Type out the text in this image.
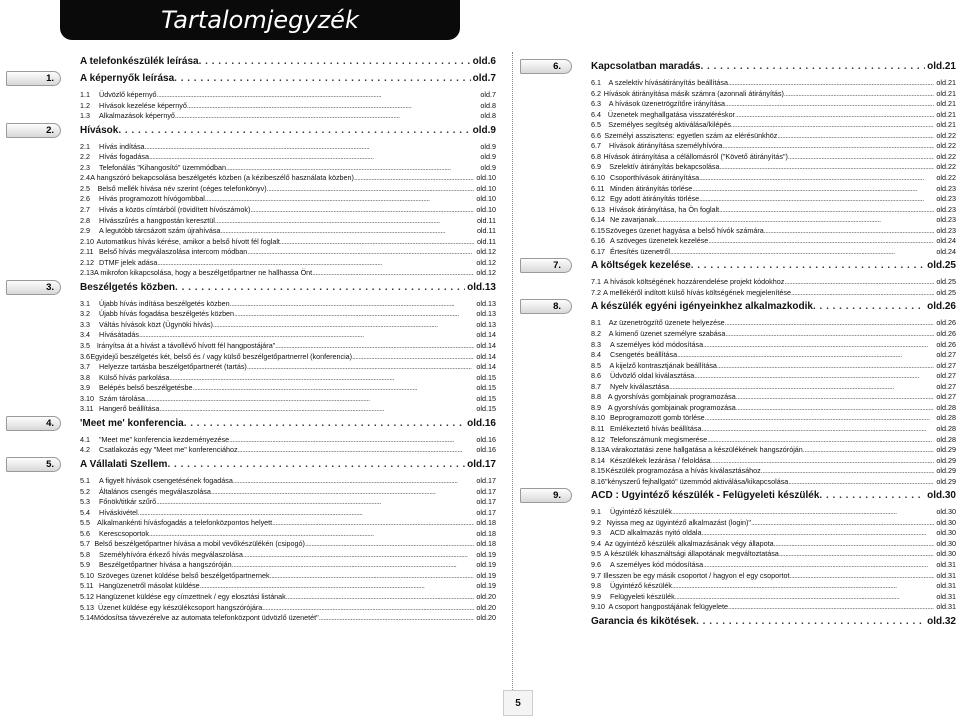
Tartalomjegyzék
1.
2.
3.
4.
5.
6.
7.
8.
9.
A telefonkészülék leírása . . .	old.6
A képernyők leírása . . .	old.7
1.1	Üdvözlő képernyő . . .	old.7
1.2	Hívások kezelése képernyő . . .	old.8
1.3	Alkalmazások képernyő . . .	old.8
Hívások . . .	old.9
2.1	Hívás indítása . . .	old.9
2.2	Hívás fogadása . . .	old.9
2.3	Telefonálás "Kihangosító" üzemmódban . . .	old.9
2.4 A hangszóró bekapcsolása beszélgetés közben (a kézibeszélő használata közben) . . .	old.10
2.5	Belső mellék hívása név szerint (céges telefonkönyv) . . .	old.10
2.6	Hívás programozott hívógombbal . . .	old.10
2.7	Hívás a közös címtárból (rövidített hívószámok) . . .	old.10
2.8	Hívásszűrés a hangpostán keresztül . . .	old.11
2.9	A legutóbb tárcsázott szám újrahívása . . .	old.11
2.10 Automatikus hívás kérése, amikor a belső hívott fél foglalt . . .	old.11
2.11 Belső hívás megválaszolása intercom módban . . .	old.12
2.12 DTMF jelek adása . . .	old.12
2.13 A mikrofon kikapcsolása, hogy a beszélgetőpartner ne hallhassa Önt . . .	old.12
Beszélgetés közben . . .	old.13
3.1	Újabb hívás indítása beszélgetés közben . . .	old.13
3.2	Újabb hívás fogadása beszélgetés közben . . .	old.13
3.3	Váltás hívások közt (Ügynöki hívás) . . .	old.13
3.4	Hívásátadás . . .	old.14
3.5 Irányítsa át a hívást a távollévő hívott fél hangpostájára" . . .	old.14
3.6 Egyidejű beszélgetés két, belső és / vagy külső beszélgetőpartnerrel (konferencia) . . .	old.14
3.7	Helyezze tartásba beszélgetőpartnerét (tartás) . . .	old.14
3.8	Külső hívás parkolása . . .	old.15
3.9	Belépés belső beszélgetésbe . . .	old.15
3.10 Szám tárolása . . .	old.15
3.11 Hangerő beállítása . . .	old.15
'Meet me' konferencia . . .	old.16
4.1	"Meet me" konferencia kezdeményezése . . .	old.16
4.2	Csatlakozás egy "Meet me" konferenciához . . .	old.16
A Vállalati Szellem . . .	old.17
5.1	A figyelt hívások csengetésének fogadása . . .	old.17
5.2	Általános csengés megválaszolása . . .	old.17
5.3	Főnök/titkár szűrő . . .	old.17
5.4	Híváskivétel . . .	old.17
5.5 Alkalmankénti hívásfogadás a telefonközpontos helyett . . .	old.18
5.6	Kerescsoportok . . .	old.18
5.7 Belső beszélgetőpartner hívása a mobil vevőkészülékén (csipogó) . . .	old.18
5.8	Személyhívóra érkező hívás megválaszolása . . .	old.19
5.9	Beszélgetőpartner hívása a hangszóróján . . .	old.19
5.10 Szöveges üzenet küldése belső beszélgetőpartnernek . . .	old.19
5.11 Hangüzenetről másolat küldése . . .	old.19
5.12 Hangüzenet küldése egy címzettnek / egy elosztási listának . . .	old.20
5.13 Üzenet küldése egy készülékcsoport hangszórójára . . .	old.20
5.14 Módosítsa távvezérelve az automata telefonközpont üdvözlő üzenetét" . . .	old.20
Kapcsolatban maradás . . .	old.21
6.1	A szelektív hívásátirányítás beállítása . . .	old.21
6.2 Hívások átirányítása másik számra (azonnali átirányítás) . . .	old.21
6.3	A hívások üzenetrögzítőre irányítása . . .	old.21
6.4 Üzenetek meghallgatása visszatéréskor . . .	old.21
6.5	Személyes segítség aktiválása/kilépés . . .	old.21
6.6 Személyi asszisztens: egyetlen szám az elérésünkhöz . . .	old.22
6.7	Hívások átirányítása személyhívóra . . .	old.22
6.8 Hívások átirányítása a célállomásról ("Követő átirányítás") . . .	old.22
6.9	Szelektív átirányítás bekapcsolása . . .	old.22
6.10 Csoporthívások átirányítása . . .	old.22
6.11 Minden átirányítás törlése . . .	old.23
6.12 Egy adott átirányítás törlése . . .	old.23
6.13 Hívások átirányítása, ha Ön foglalt . . .	old.23
6.14 Ne zavarjanak . . .	old.23
6.15 Szöveges üzenet hagyása a belső hívók számára . . .	old.23
6.16 A szöveges üzenetek kezelése . . .	old.24
6.17 Értesítés üzenetről . . .	old.24
A költségek kezelése . . .	old.25
7.1 A hívások költségének hozzárendelése projekt kódokhoz . . .	old.25
7.2 A mellékéről indított külső hívás költségének megjelenítése . . .	old.25
A készülék egyéni igényeinkhez alkalmazkodik . . .	old.26
8.1	Az üzenetrögzítő üzenete helyezése . . .	old.26
8.2	A kimenő üzenet személyre szabása . . .	old.26
8.3	A személyes kód módosítása . . .	old.26
8.4	Csengetés beállítása . . .	old.27
8.5	A kijelző kontrasztjának beállítása . . .	old.27
8.6	Üdvözlő oldal kiválasztása . . .	old.27
8.7	Nyelv kiválasztása . . .	old.27
8.8 A gyorshívás gombjainak programozása . . .	old.27
8.9 A gyorshívás gombjainak programozása . . .	old.28
8.10 Beprogramozott gomb törlése . . .	old.28
8.11 Emlékeztető hívás beállítása . . .	old.28
8.12 Telefonszámunk megismerése . . .	old.28
8.13 A várakoztatási zene hallgatása a készülékének hangszóróján . . .	old.29
8.14 Készülékek lezárása / feloldása . . .	old.29
8.15 Készülék programozása a hívás kiválasztásához . . .	old.29
8.16 "kényszerű fejhallgató" üzemmód aktiválása/kikapcsolása . . .	old.29
ACD : Ügyintéző készülék - Felügyeleti készülék . . .	old.30
9.1	Ügyintéző készülék . . .	old.30
9.2 Nyissa meg az ügyintéző alkalmazást (login)" . . .	old.30
9.3	ACD alkalmazás nyitó oldala . . .	old.30
9.4 Az ügyintéző készülék alkalmazásának végy állapota . . .	old.30
9.5 A készülék kihasználtsági állapotának megváltoztatása . . .	old.30
9.6	A személyes kód módosítása . . .	old.31
9.7 Illesszen be egy másik csoportot / hagyon el egy csoportot . . .	old.31
9.8	Ügyintéző készülék . . .	old.31
9.9	Felügyeleti készülék . . .	old.31
9.10 A csoport hangpostájának felügyelete . . .	old.31
Garancia és kikötések . . .	old.32
5
